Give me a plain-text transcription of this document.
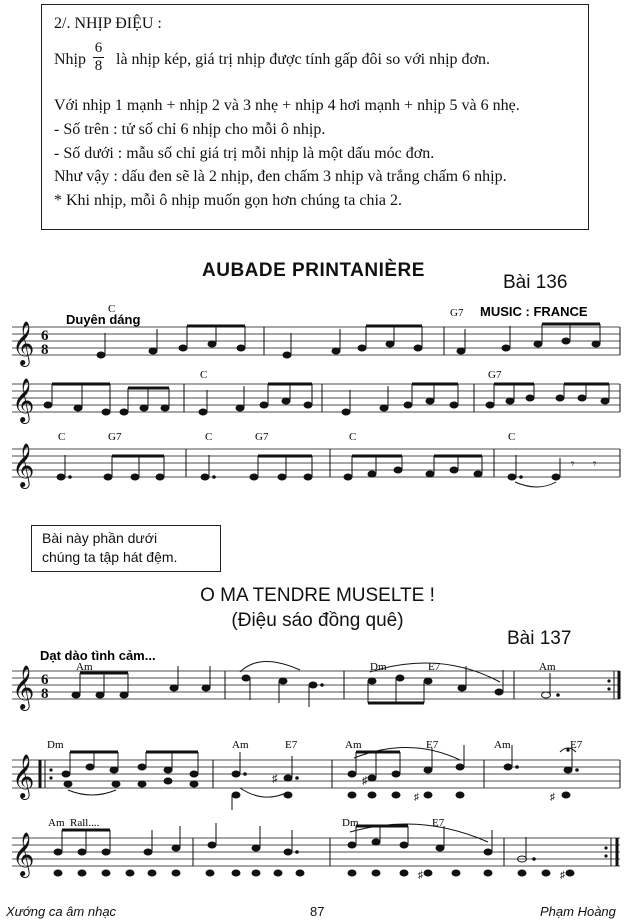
2/. NHỊP ĐIỆU :
Nhịp là nhịp kép, giá trị nhịp được tính gấp đôi so với nhịp đơn.
6
8
Với nhịp 1 mạnh + nhịp 2 và 3 nhẹ + nhịp 4 hơi mạnh + nhịp 5 và 6 nhẹ.
- Số trên : tử số chỉ 6 nhịp cho mỗi ô nhịp.
- Số dưới : mẫu số chỉ giá trị mỗi nhịp là một dấu móc đơn.
Như vậy : dấu đen sẽ là 2 nhịp, đen chấm 3 nhịp và trắng chấm 6 nhịp.
* Khi nhịp, mỗi ô nhịp muốn gọn hơn chúng ta chia 2.
AUBADE PRINTANIÈRE
Bài 136
Bài này phần dưới
chúng ta tập hát đệm.
O MA TENDRE MUSELTE !
(Điệu sáo đồng quê)
Bài 137
𝄞
𝄞
𝄞
6
8
Duyên dáng
MUSIC : FRANCE
C	G7
C	G7
C	G7	C	G7	C	C
𝄾 𝄾
𝄞
𝄞
𝄞
6
8
Dạt dào tình cảm...
Am	Dm	E7	Am
Dm	Am	E7	Am	E7	Am	E7
Am Rall....	Dm	E7
♯	♯
♯	♯
♯	♯
Xướng ca âm nhạc	87	Phạm Hoàng
